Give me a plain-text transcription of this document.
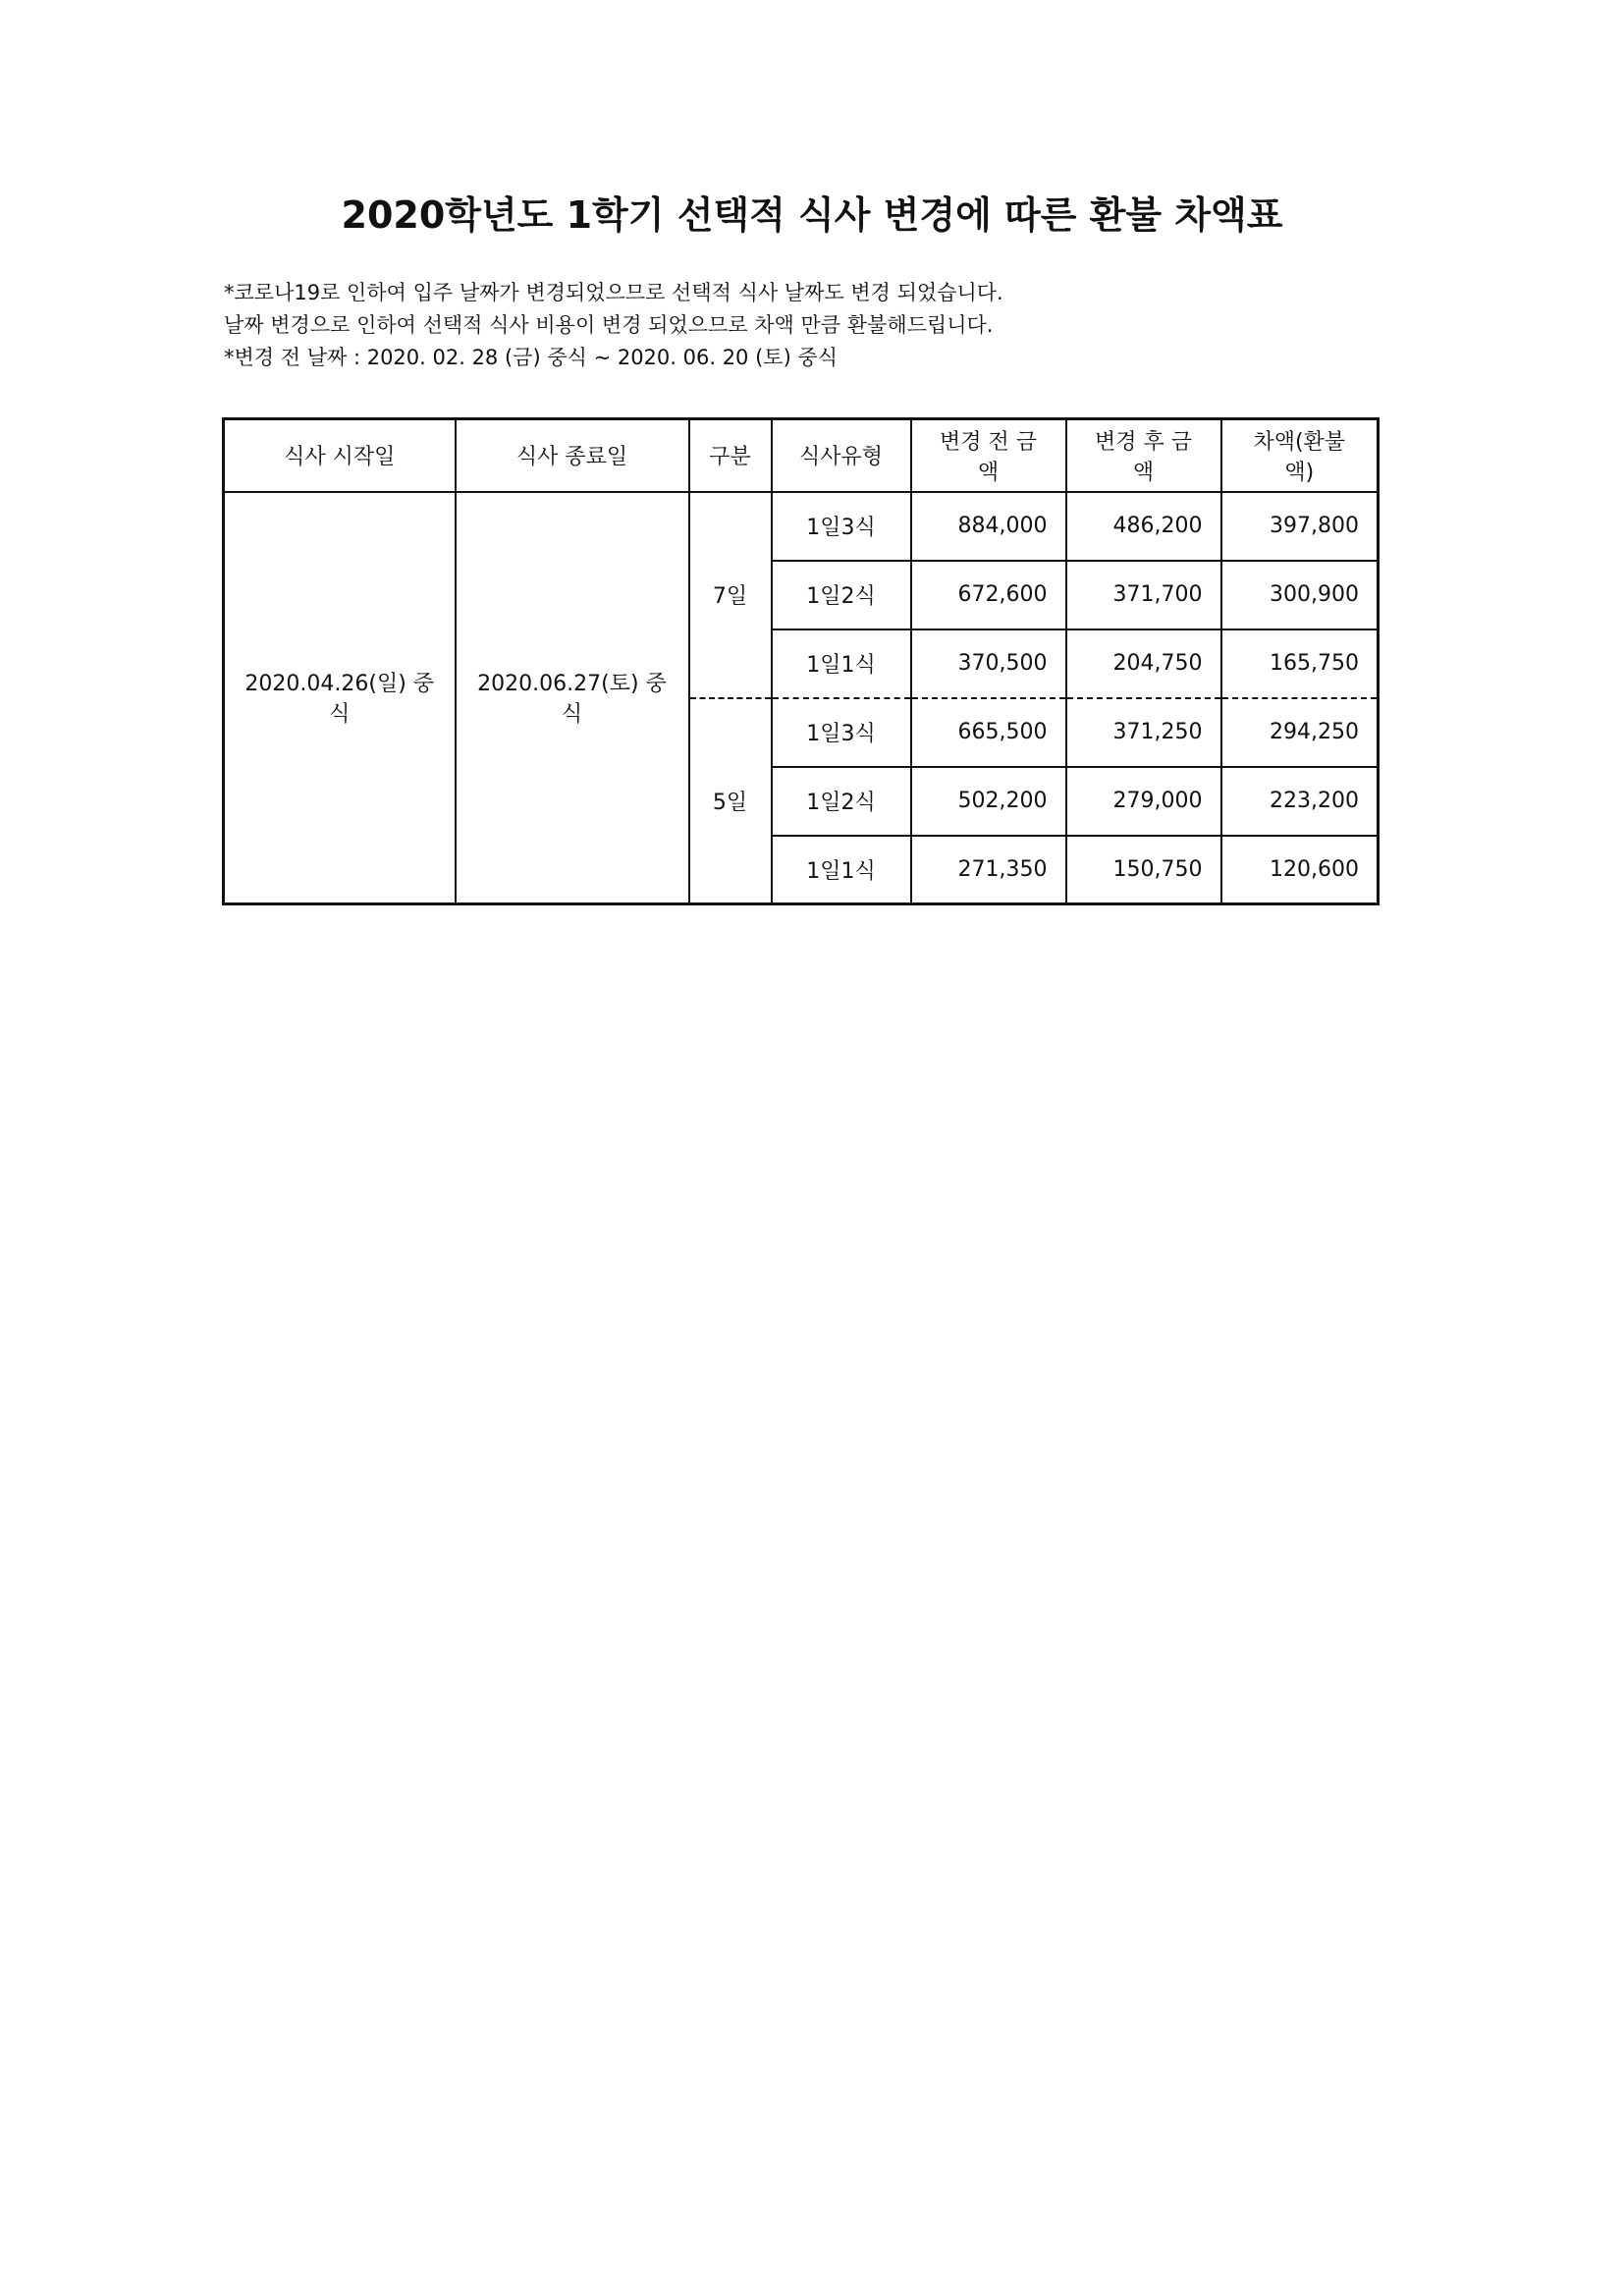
2020학년도 1학기 선택적 식사 변경에 따른 환불 차액표
*코로나19로 인하여 입주 날짜가 변경되었으므로 선택적 식사 날짜도 변경 되었습니다.
날짜 변경으로 인하여 선택적 식사 비용이 변경 되었으므로 차액 만큼 환불해드립니다.
*변경 전 날짜 : 2020. 02. 28 (금) 중식 ~ 2020. 06. 20 (토) 중식
식사 시작일	식사 종료일	구분	식사유형	변경 전 금액	변경 후 금액	차액(환불액)
2020.04.26(일) 중식	2020.06.27(토) 중식	7일	1일3식	884,000	486,200	397,800
			1일2식	672,600	371,700	300,900
			1일1식	370,500	204,750	165,750
		5일	1일3식	665,500	371,250	294,250
			1일2식	502,200	279,000	223,200
			1일1식	271,350	150,750	120,600
